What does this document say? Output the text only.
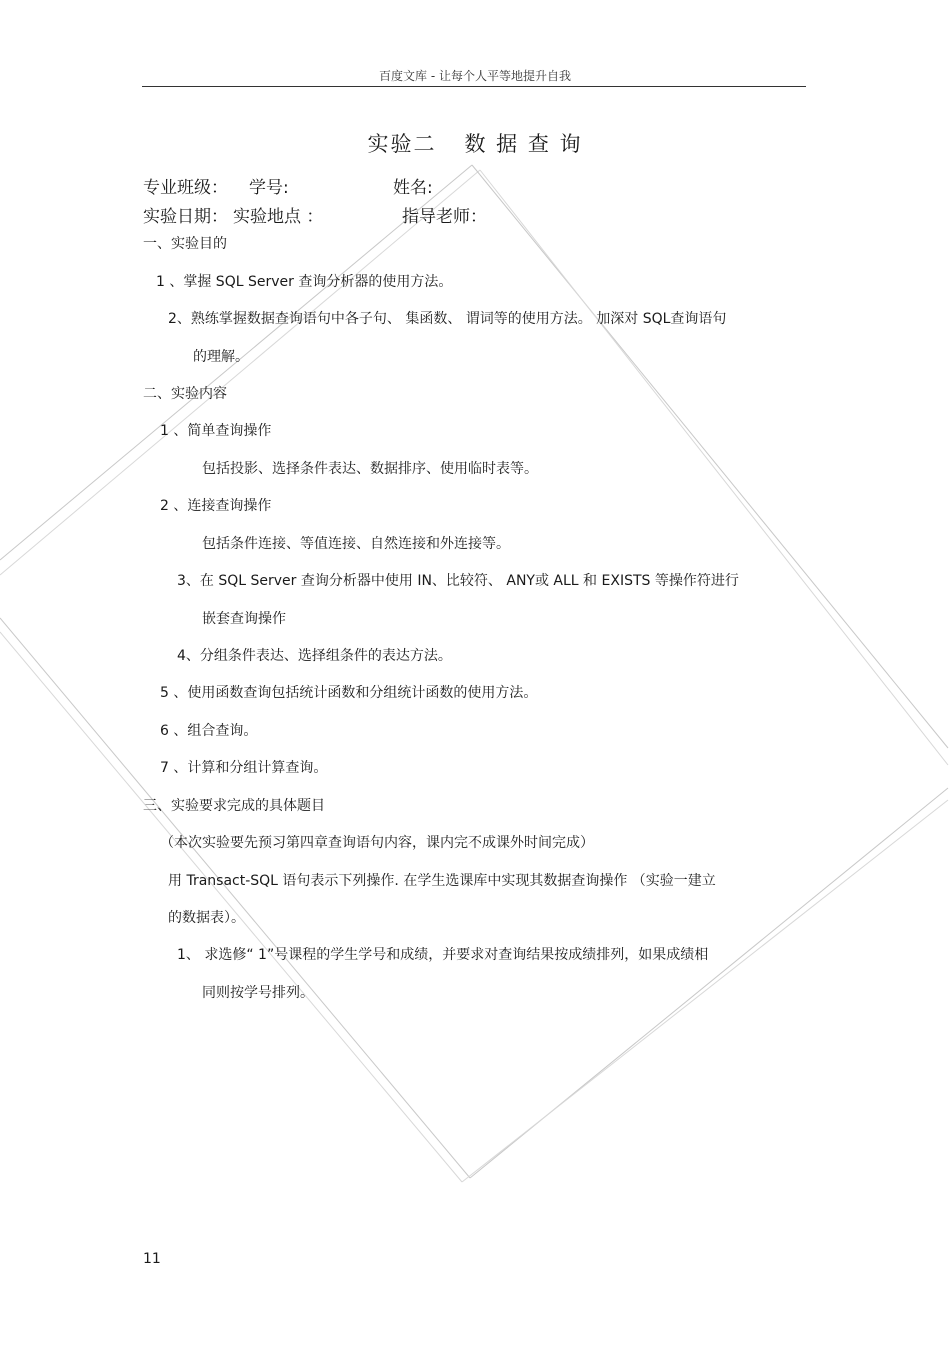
百度文库 - 让每个人平等地提升自我
实验二 数 据 查 询
专业班级： 学号:	姓名:
实验日期： 实验地点 ：	指导老师：
一、实验目的
1 、掌握 SQL Server 查询分析器的使用方法。
2、熟练掌握数据查询语句中各子句、 集函数、 谓词等的使用方法。 加深对 SQL查询语句
的理解。
二、实验内容
1 、简单查询操作
包括投影、选择条件表达、数据排序、使用临时表等。
2 、连接查询操作
包括条件连接、等值连接、自然连接和外连接等。
3、在 SQL Server 查询分析器中使用 IN、比较符、 ANY或 ALL 和 EXISTS 等操作符进行
嵌套查询操作
4、分组条件表达、选择组条件的表达方法。
5 、使用函数查询包括统计函数和分组统计函数的使用方法。
6 、组合查询。
7 、计算和分组计算查询。
三、实验要求完成的具体题目
（本次实验要先预习第四章查询语句内容，课内完不成课外时间完成）
用 Transact-SQL 语句表示下列操作. 在学生选课库中实现其数据查询操作 （实验一建立
的数据表）。
1、 求选修“ 1”号课程的学生学号和成绩，并要求对查询结果按成绩排列，如果成绩相
同则按学号排列。
11
